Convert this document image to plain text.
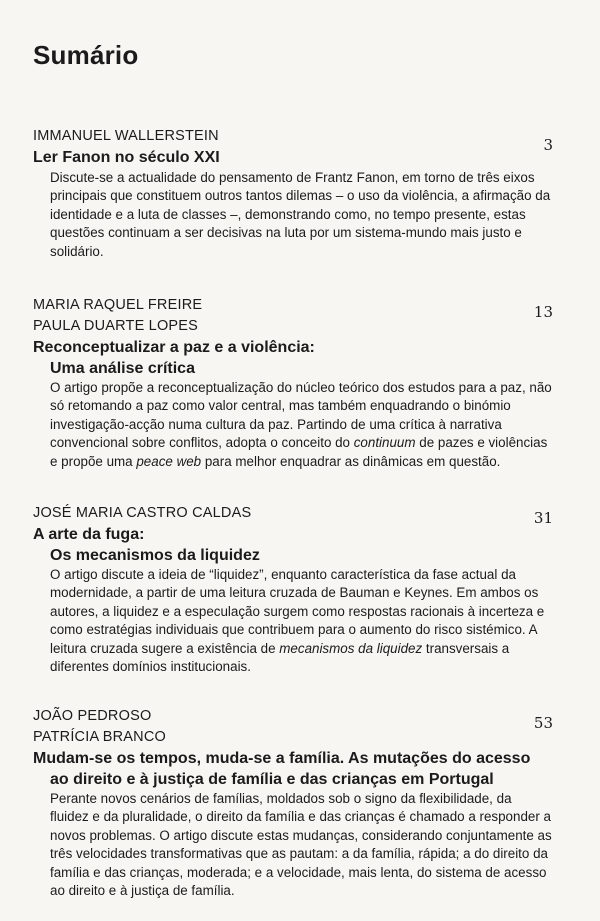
Sumário
IMMANUEL WALLERSTEIN	3
Ler Fanon no século XXI
Discute-se a actualidade do pensamento de Frantz Fanon, em torno de três eixos principais que constituem outros tantos dilemas – o uso da violência, a afirmação da identidade e a luta de classes –, demonstrando como, no tempo presente, estas questões continuam a ser decisivas na luta por um sistema-mundo mais justo e solidário.
MARIA RAQUEL FREIRE
PAULA DUARTE LOPES
13
Reconceptualizar a paz e a violência:
Uma análise crítica
O artigo propõe a reconceptualização do núcleo teórico dos estudos para a paz, não só retomando a paz como valor central, mas também enquadrando o binómio investigação-acção numa cultura da paz. Partindo de uma crítica à narrativa convencional sobre conflitos, adopta o conceito do continuum de pazes e violências e propõe uma peace web para melhor enquadrar as dinâmicas em questão.
JOSÉ MARIA CASTRO CALDAS	31
A arte da fuga:
Os mecanismos da liquidez
O artigo discute a ideia de “liquidez”, enquanto característica da fase actual da modernidade, a partir de uma leitura cruzada de Bauman e Keynes. Em ambos os autores, a liquidez e a especulação surgem como respostas racionais à incerteza e como estratégias individuais que contribuem para o aumento do risco sistémico. A leitura cruzada sugere a existência de mecanismos da liquidez transversais a diferentes domínios institucionais.
JOÃO PEDROSO
PATRÍCIA BRANCO
53
Mudam-se os tempos, muda-se a família. As mutações do acesso ao direito e à justiça de família e das crianças em Portugal
Perante novos cenários de famílias, moldados sob o signo da flexibilidade, da fluidez e da pluralidade, o direito da família e das crianças é chamado a responder a novos problemas. O artigo discute estas mudanças, considerando conjuntamente as três velocidades transformativas que as pautam: a da família, rápida; a do direito da família e das crianças, moderada; e a velocidade, mais lenta, do sistema de acesso ao direito e à justiça de família.
